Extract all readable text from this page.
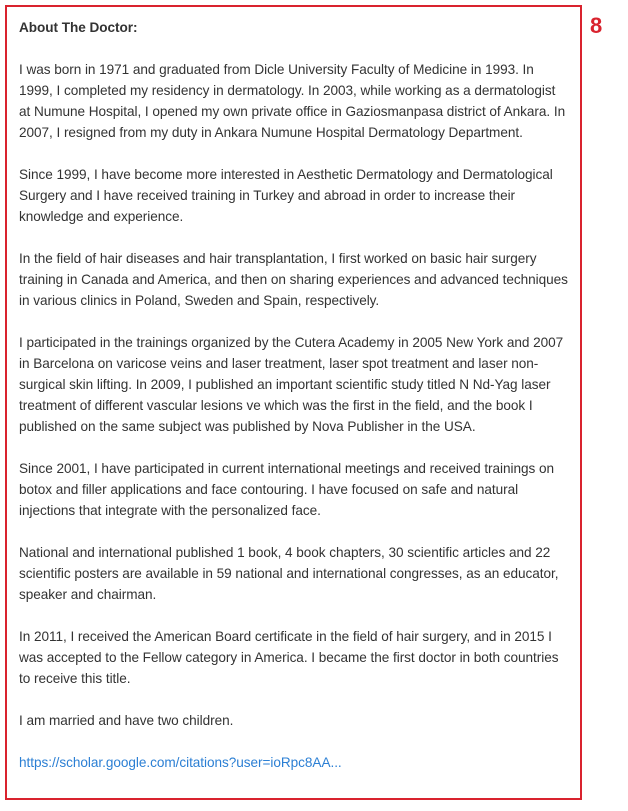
About The Doctor:

I was born in 1971 and graduated from Dicle University Faculty of Medicine in 1993. In 1999, I completed my residency in dermatology. In 2003, while working as a dermatologist at Numune Hospital, I opened my own private office in Gaziosmanpasa district of Ankara. In 2007, I resigned from my duty in Ankara Numune Hospital Dermatology Department.

Since 1999, I have become more interested in Aesthetic Dermatology and Dermatological Surgery and I have received training in Turkey and abroad in order to increase their knowledge and experience.

In the field of hair diseases and hair transplantation, I first worked on basic hair surgery training in Canada and America, and then on sharing experiences and advanced techniques in various clinics in Poland, Sweden and Spain, respectively.

I participated in the trainings organized by the Cutera Academy in 2005 New York and 2007 in Barcelona on varicose veins and laser treatment, laser spot treatment and laser non-surgical skin lifting. In 2009, I published an important scientific study titled N Nd-Yag laser treatment of different vascular lesions ve which was the first in the field, and the book I published on the same subject was published by Nova Publisher in the USA.

Since 2001, I have participated in current international meetings and received trainings on botox and filler applications and face contouring. I have focused on safe and natural injections that integrate with the personalized face.

National and international published 1 book, 4 book chapters, 30 scientific articles and 22 scientific posters are available in 59 national and international congresses, as an educator, speaker and chairman.

In 2011, I received the American Board certificate in the field of hair surgery, and in 2015 I was accepted to the Fellow category in America. I became the first doctor in both countries to receive this title.

I am married and have two children.

https://scholar.google.com/citations?user=ioRpc8AA...
8
